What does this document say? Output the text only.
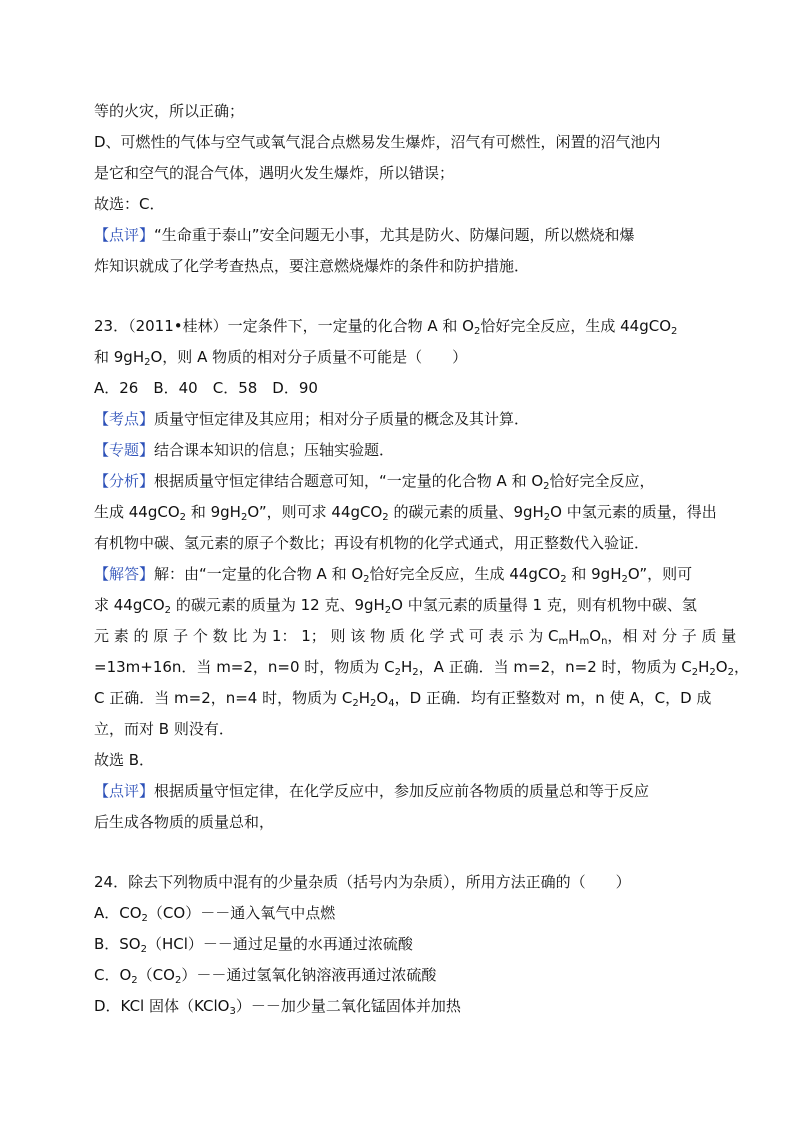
等的火灾，所以正确；
D、可燃性的气体与空气或氧气混合点燃易发生爆炸，沼气有可燃性，闲置的沼气池内
是它和空气的混合气体，遇明火发生爆炸，所以错误；
故选：C．
【点评】“生命重于泰山”安全问题无小事，尤其是防火、防爆问题，所以燃烧和爆
炸知识就成了化学考查热点，要注意燃烧爆炸的条件和防护措施．
23．（2011•桂林）一定条件下，一定量的化合物 A 和 $O_2$恰好完全反应，生成 44gCO$_2$
和 $9gH_2O$，则 A 物质的相对分子质量不可能是（　　）
A．26　B．40　C．58　D．90
【考点】质量守恒定律及其应用；相对分子质量的概念及其计算．
【专题】结合课本知识的信息；压轴实验题．
【分析】根据质量守恒定律结合题意可知，“一定量的化合物 A 和 $O_2$恰好完全反应，
生成 44gCO$_2$ 和 $9gH_2O$”，则可求 44gCO$_2$ 的碳元素的质量、$9gH_2O$ 中氢元素的质量，得出
有机物中碳、氢元素的原子个数比；再设有机物的化学式通式，用正整数代入验证．
【解答】解：由“一定量的化合物 A 和 $O_2$恰好完全反应，生成 44gCO$_2$ 和 $9gH_2O$”，则可
求 44gCO$_2$ 的碳元素的质量为 12 克、$9gH_2O$ 中氢元素的质量得 1 克，则有机物中碳、氢
元 素 的 原 子 个 数 比 为 1： 1； 则 该 物 质 化 学 式 可 表 示 为 $C_mH_mO_n$，相 对 分 子 质 量
=13m+16n．当 m=2，n=0 时，物质为 $C_2H_2$，A 正确．当 m=2，n=2 时，物质为 $C_2H_2O_2$，
C 正确．当 m=2，n=4 时，物质为 $C_2H_2O_4$，D 正确．均有正整数对 m，n 使 A，C，D 成
立，而对 B 则没有．
故选 B．
【点评】根据质量守恒定律，在化学反应中，参加反应前各物质的质量总和等于反应
后生成各物质的质量总和，
24．除去下列物质中混有的少量杂质（括号内为杂质），所用方法正确的（　　）
A．$CO_2(CO)--$通入氧气中点燃
B．$SO_2(HCl)--$通过足量的水再通过浓硫酸
C．$O_2(CO_2)--$通过氢氧化钠溶液再通过浓硫酸
D．KCl 固体（KClO$_3$）－－加少量二氧化锰固体并加热
